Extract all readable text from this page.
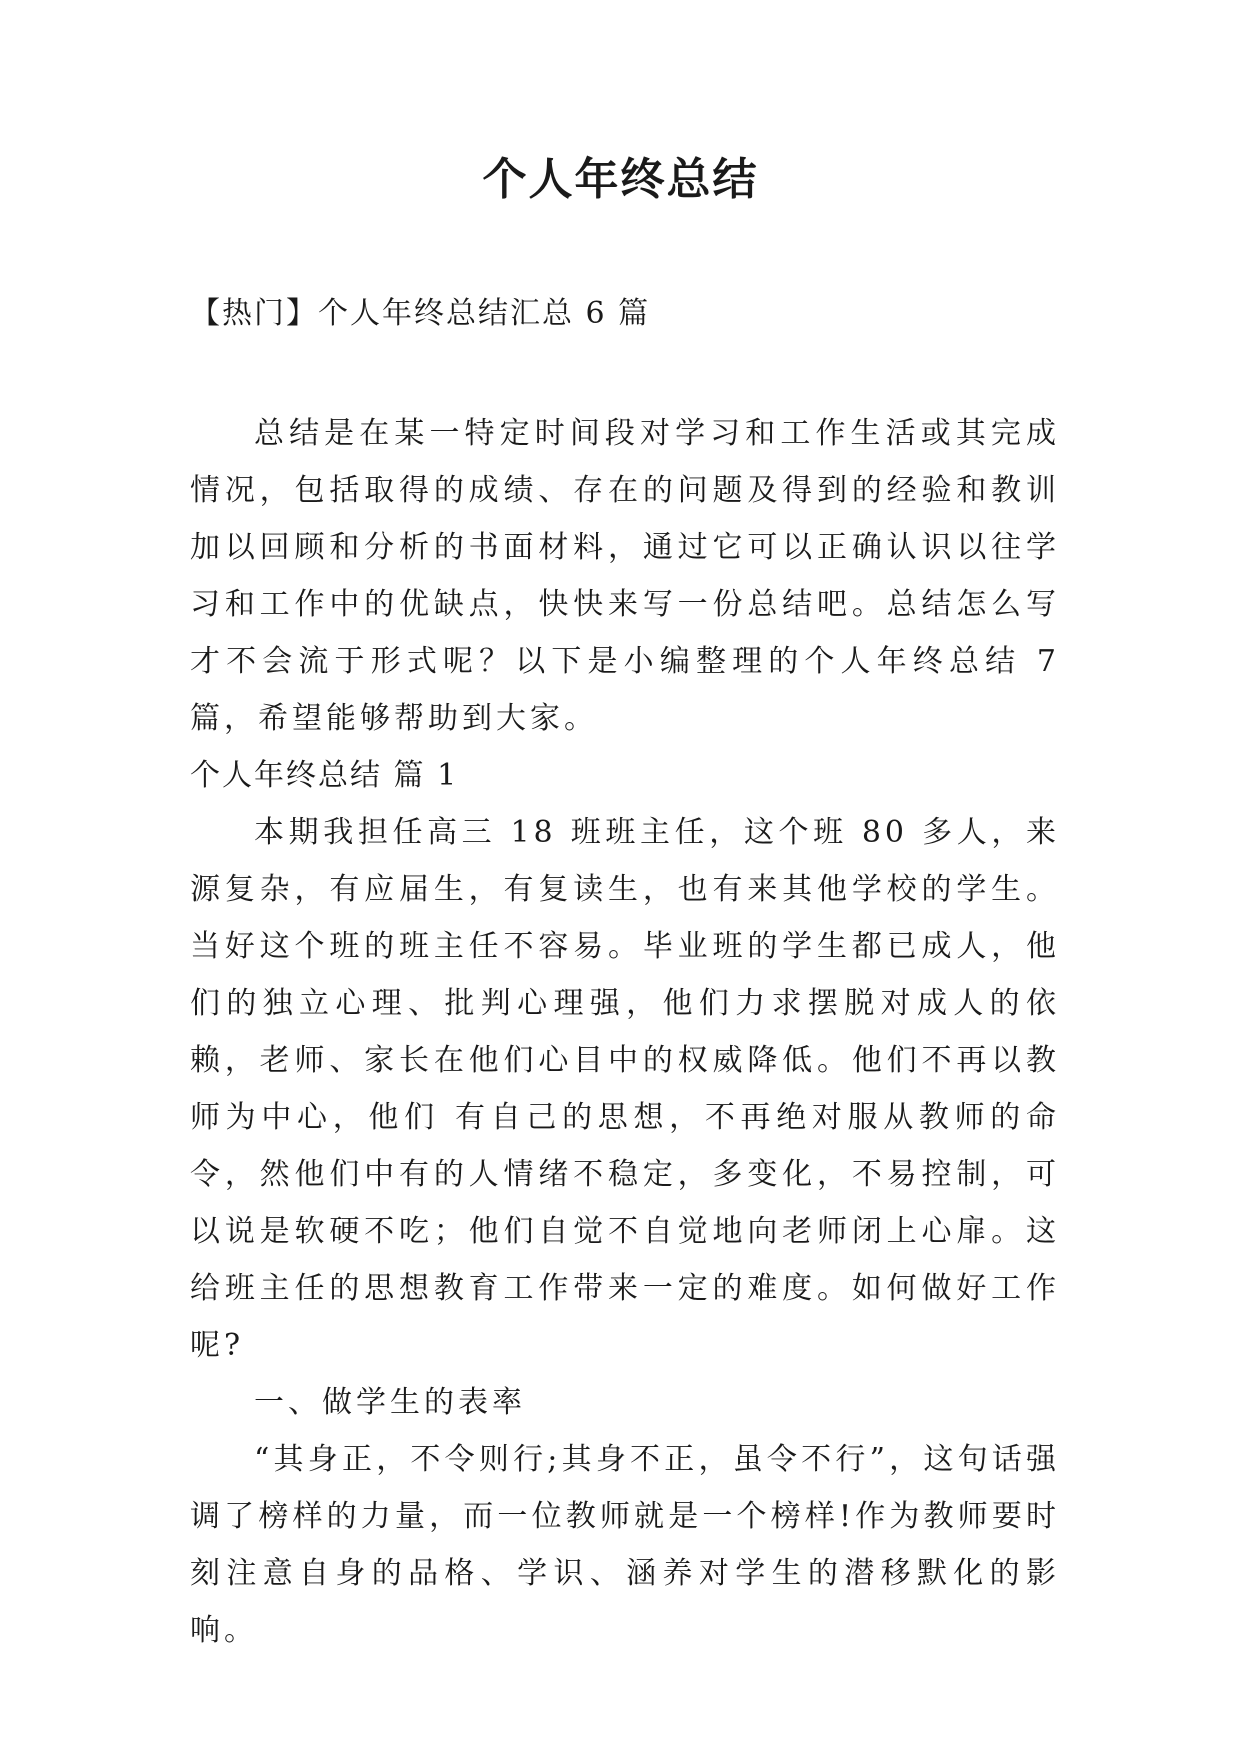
个人年终总结
【热门】个人年终总结汇总 6 篇

总结是在某一特定时间段对学习和工作生活或其完成情况，包括取得的成绩、存在的问题及得到的经验和教训加以回顾和分析的书面材料，通过它可以正确认识以往学习和工作中的优缺点，快快来写一份总结吧。总结怎么写才不会流于形式呢？以下是小编整理的个人年终总结 7 篇，希望能够帮助到大家。

个人年终总结 篇 1

本期我担任高三 18 班班主任，这个班 80 多人，来源复杂，有应届生，有复读生，也有来其他学校的学生。 当好这个班的班主任不容易。毕业班的学生都已成人，他们的独立心理、批判心理强，他们力求摆脱对成人的依赖，老师、家长在他们心目中的权威降低。他们不再以教师为中心，他们 有自己的思想，不再绝对服从教师的命令，然他们中有的人情绪不稳定，多变化，不易控制，可以说是软硬不吃；他们自觉不自觉地向老师闭上心扉。这给班主任的思想教育工作带来一定的难度。如何做好工作呢?

一、做学生的表率

“其身正，不令则行;其身不正，虽令不行”，这句话强调了榜样的力量，而一位教师就是一个榜样!作为教师要时刻注意自身的品格、学识、涵养对学生的潜移默化的影响。
